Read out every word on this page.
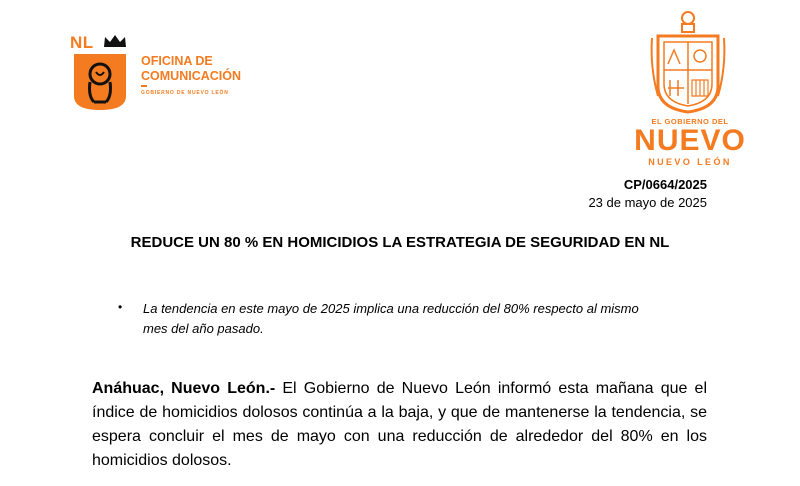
NL
OFICINA DE
COMUNICACIÓN
GOBIERNO DE NUEVO LEÓN
EL GOBIERNO DEL
NUEVO
NUEVO LEÓN
CP/0664/2025
23 de mayo de 2025
REDUCE UN 80 % EN HOMICIDIOS LA ESTRATEGIA DE SEGURIDAD EN NL
• La tendencia en este mayo de 2025 implica una reducción del 80% respecto al mismo mes del año pasado.
Anáhuac, Nuevo León.- El Gobierno de Nuevo León informó esta mañana que el índice de homicidios dolosos continúa a la baja, y que de mantenerse la tendencia, se espera concluir el mes de mayo con una reducción de alrededor del 80% en los homicidios dolosos.
